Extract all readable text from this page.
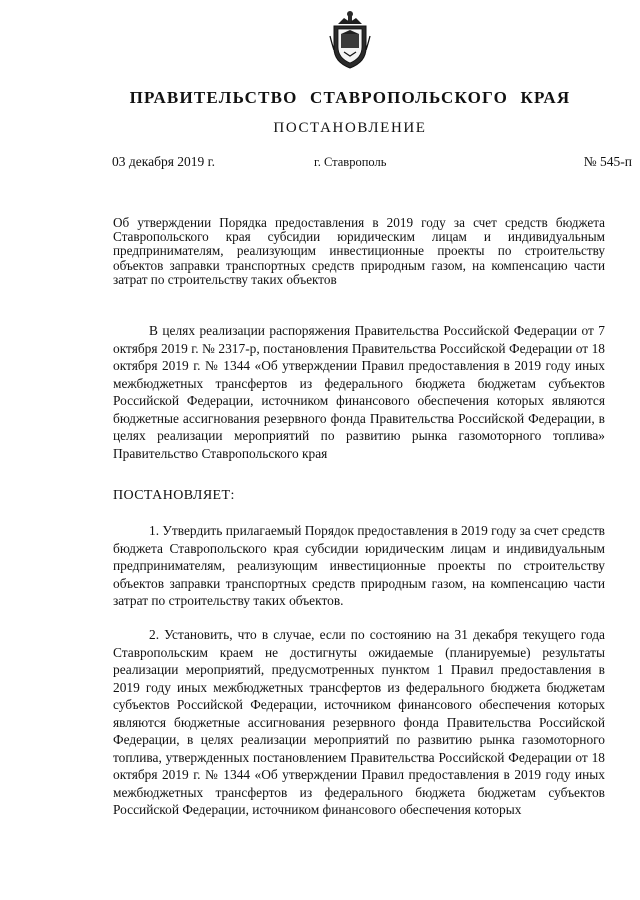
ПРАВИТЕЛЬСТВО СТАВРОПОЛЬСКОГО КРАЯ

ПОСТАНОВЛЕНИЕ

03 декабря 2019 г.	г. Ставрополь	№ 545-п

Об утверждении Порядка предоставления в 2019 году за счет средств бюджета Ставропольского края субсидии юридическим лицам и индивидуальным предпринимателям, реализующим инвестиционные проекты по строительству объектов заправки транспортных средств природным газом, на компенсацию части затрат по строительству таких объектов

В целях реализации распоряжения Правительства Российской Федерации от 7 октября 2019 г. № 2317-р, постановления Правительства Российской Федерации от 18 октября 2019 г. № 1344 «Об утверждении Правил предоставления в 2019 году иных межбюджетных трансфертов из федерального бюджета бюджетам субъектов Российской Федерации, источником финансового обеспечения которых являются бюджетные ассигнования резервного фонда Правительства Российской Федерации, в целях реализации мероприятий по развитию рынка газомоторного топлива» Правительство Ставропольского края

ПОСТАНОВЛЯЕТ:

1. Утвердить прилагаемый Порядок предоставления в 2019 году за счет средств бюджета Ставропольского края субсидии юридическим лицам и индивидуальным предпринимателям, реализующим инвестиционные проекты по строительству объектов заправки транспортных средств природным газом, на компенсацию части затрат по строительству таких объектов.

2. Установить, что в случае, если по состоянию на 31 декабря текущего года Ставропольским краем не достигнуты ожидаемые (планируемые) результаты реализации мероприятий, предусмотренных пунктом 1 Правил предоставления в 2019 году иных межбюджетных трансфертов из федерального бюджета бюджетам субъектов Российской Федерации, источником финансового обеспечения которых являются бюджетные ассигнования резервного фонда Правительства Российской Федерации, в целях реализации мероприятий по развитию рынка газомоторного топлива, утвержденных постановлением Правительства Российской Федерации от 18 октября 2019 г. № 1344 «Об утверждении Правил предоставления в 2019 году иных межбюджетных трансфертов из федерального бюджета бюджетам субъектов Российской Федерации, источником финансового обеспечения которых
